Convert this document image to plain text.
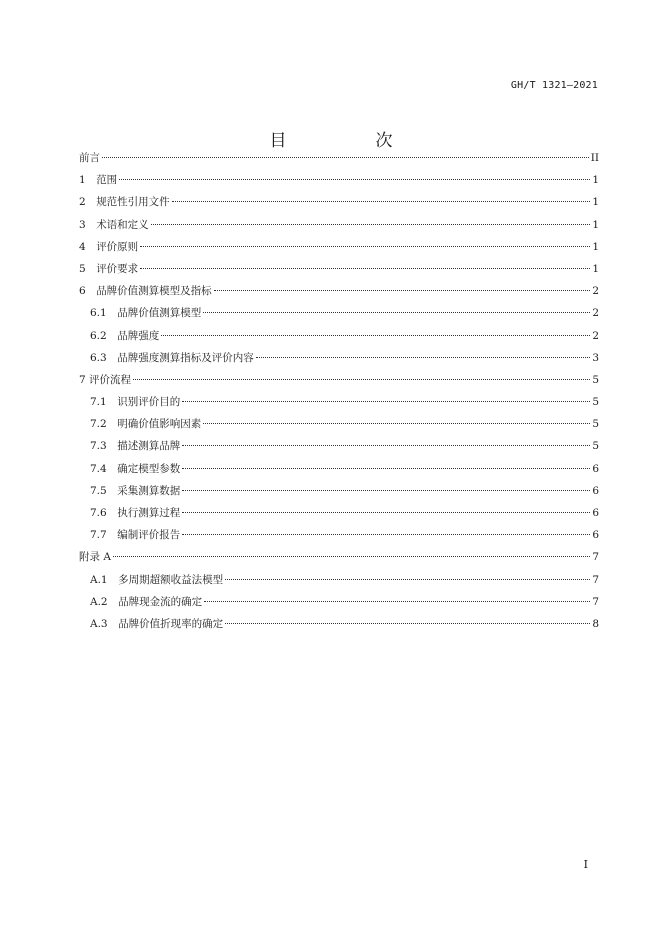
GH/T 1321—2021
目　次
前言	II
1　 范围	1
2　 规范性引用文件	1
3　 术语和定义	1
4　 评价原则	1
5　 评价要求	1
6　 品牌价值测算模型及指标	2
6.1　 品牌价值测算模型	2
6.2　 品牌强度	2
6.3　 品牌强度测算指标及评价内容	3
7 评价流程	5
7.1　 识别评价目的	5
7.2　 明确价值影响因素	5
7.3　 描述测算品牌	5
7.4　 确定模型参数	6
7.5　 采集测算数据	6
7.6　 执行测算过程	6
7.7　 编制评价报告	6
附录 A	7
A.1　 多周期超额收益法模型	7
A.2　 品牌现金流的确定	7
A.3　 品牌价值折现率的确定	8
I
